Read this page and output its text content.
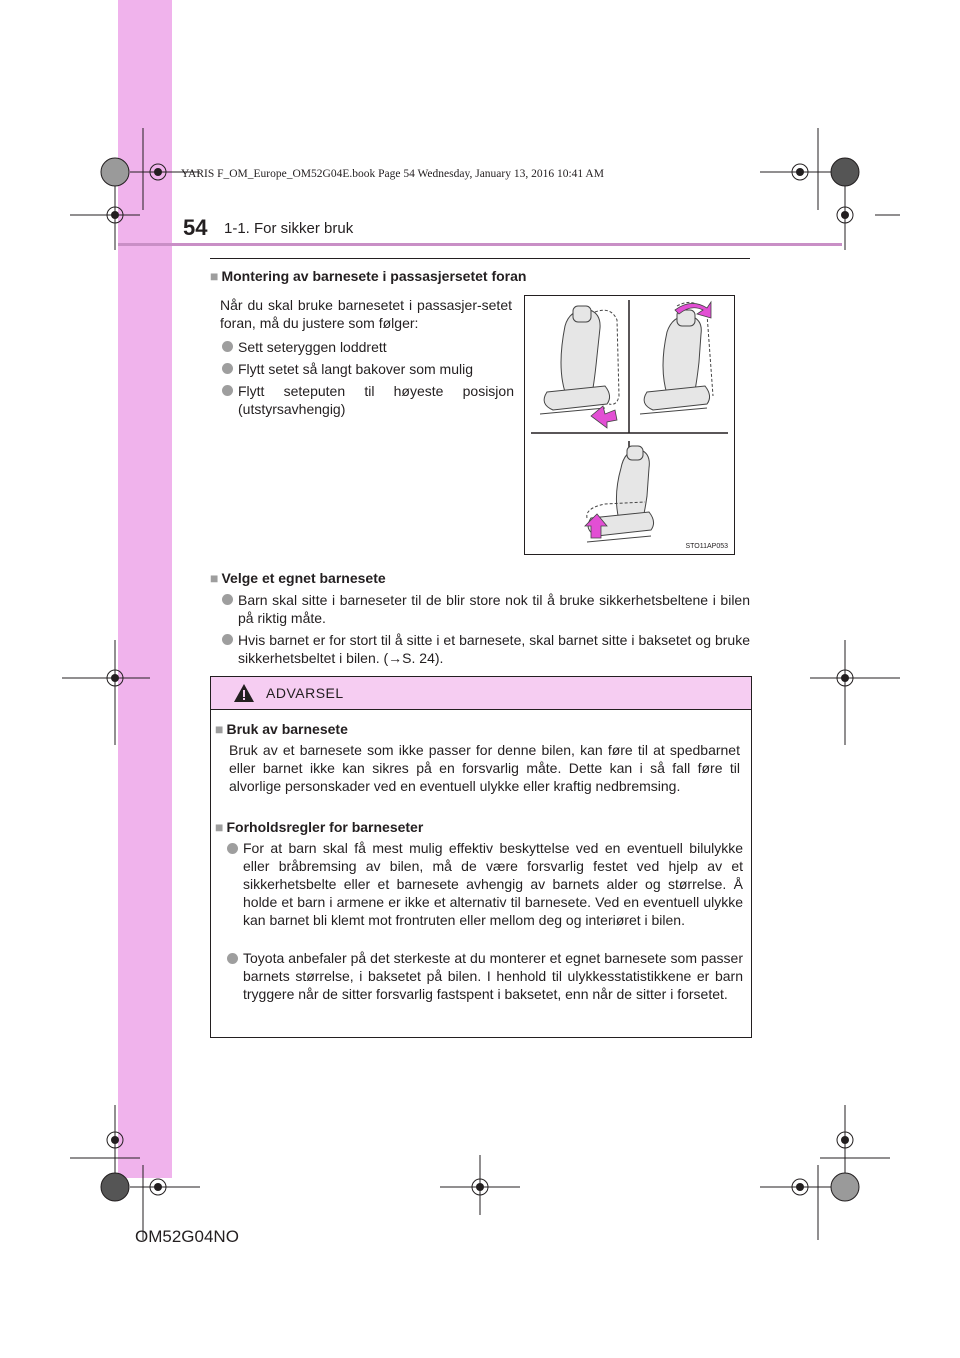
YARIS F_OM_Europe_OM52G04E.book Page 54 Wednesday, January 13, 2016 10:41 AM
54 1-1. For sikker bruk
■ Montering av barnesete i passasjersetet foran
Når du skal bruke barnesetet i passasjer-setet foran, må du justere som følger:
Sett seteryggen loddrett
Flytt setet så langt bakover som mulig
Flytt seteputen til høyeste posisjon (utstyrsavhengig)
STO11AP053
■ Velge et egnet barnesete
Barn skal sitte i barneseter til de blir store nok til å bruke sikkerhetsbeltene i bilen på riktig måte.
Hvis barnet er for stort til å sitte i et barnesete, skal barnet sitte i baksetet og bruke sikkerhetsbeltet i bilen. (→S. 24).
ADVARSEL
■ Bruk av barnesete
Bruk av et barnesete som ikke passer for denne bilen, kan føre til at spedbarnet eller barnet ikke kan sikres på en forsvarlig måte. Dette kan i så fall føre til alvorlige personskader ved en eventuell ulykke eller kraftig nedbremsing.
■ Forholdsregler for barneseter
For at barn skal få mest mulig effektiv beskyttelse ved en eventuell bilulykke eller bråbremsing av bilen, må de være forsvarlig festet ved hjelp av et sikkerhetsbelte eller et barnesete avhengig av barnets alder og størrelse. Å holde et barn i armene er ikke et alternativ til barnesete. Ved en eventuell ulykke kan barnet bli klemt mot frontruten eller mellom deg og interiøret i bilen.
Toyota anbefaler på det sterkeste at du monterer et egnet barnesete som passer barnets størrelse, i baksetet på bilen. I henhold til ulykkesstatistikkene er barn tryggere når de sitter forsvarlig fastspent i baksetet, enn når de sitter i forsetet.
OM52G04NO
